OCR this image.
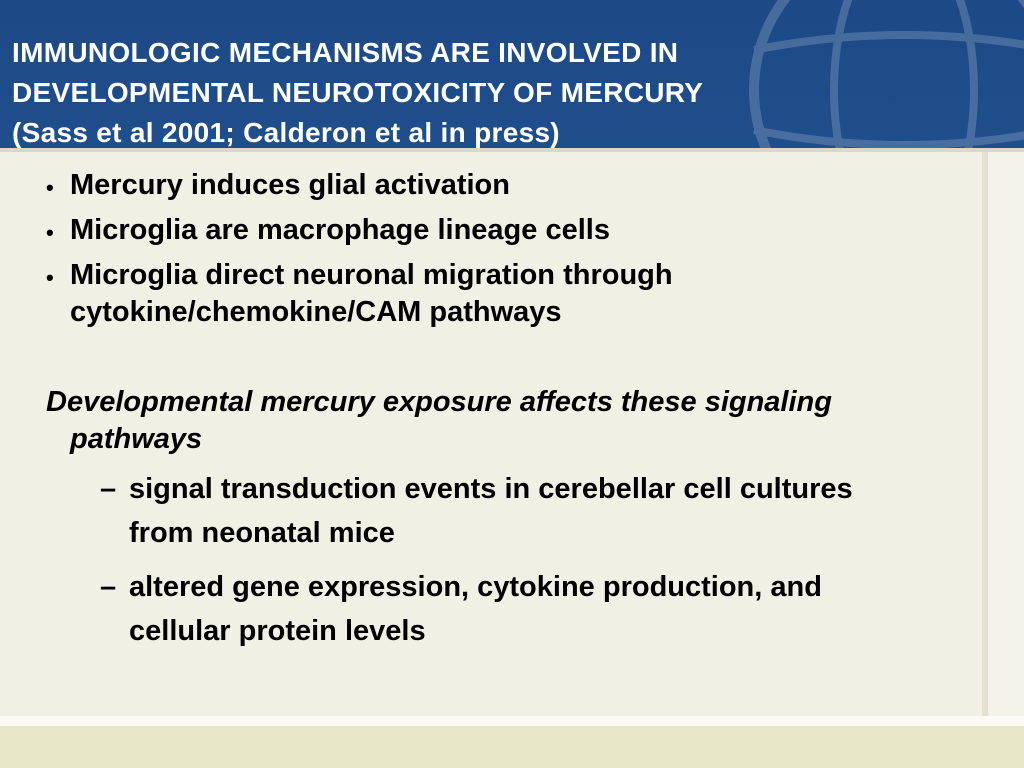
IMMUNOLOGIC MECHANISMS ARE INVOLVED IN
DEVELOPMENTAL NEUROTOXICITY OF MERCURY
(Sass et al 2001; Calderon et al in press)
• Mercury induces glial activation
• Microglia are macrophage lineage cells
• Microglia direct neuronal migration through
cytokine/chemokine/CAM pathways

Developmental mercury exposure affects these signaling
pathways

– signal transduction events in cerebellar cell cultures
from neonatal mice
– altered gene expression, cytokine production, and
cellular protein levels
